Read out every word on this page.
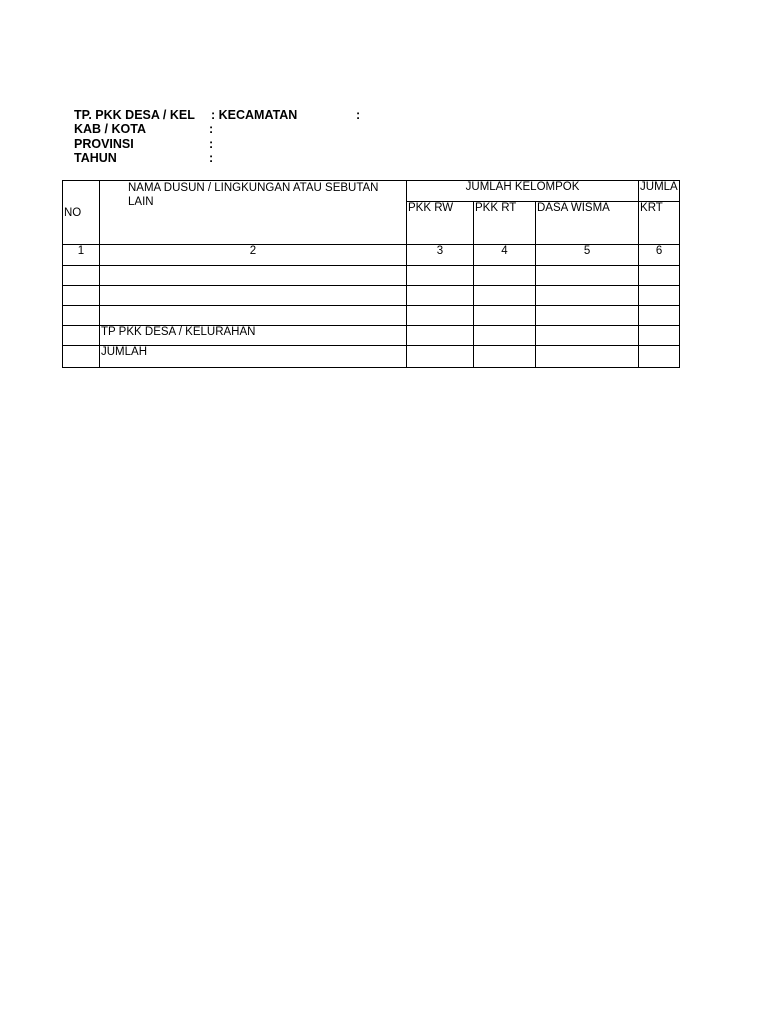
TP. PKK DESA / KEL : KECAMATAN	:
KAB / KOTA	:
PROVINSI	:
TAHUN	:
NO	NAMA DUSUN / LINGKUNGAN ATAU SEBUTAN LAIN	JUMLAH KELOMPOK			JUMLA
		PKK RW	PKK RT	DASA WISMA	KRT
1	2	3	4	5	6

	TP PKK DESA / KELURAHAN				
	JUMLAH				
